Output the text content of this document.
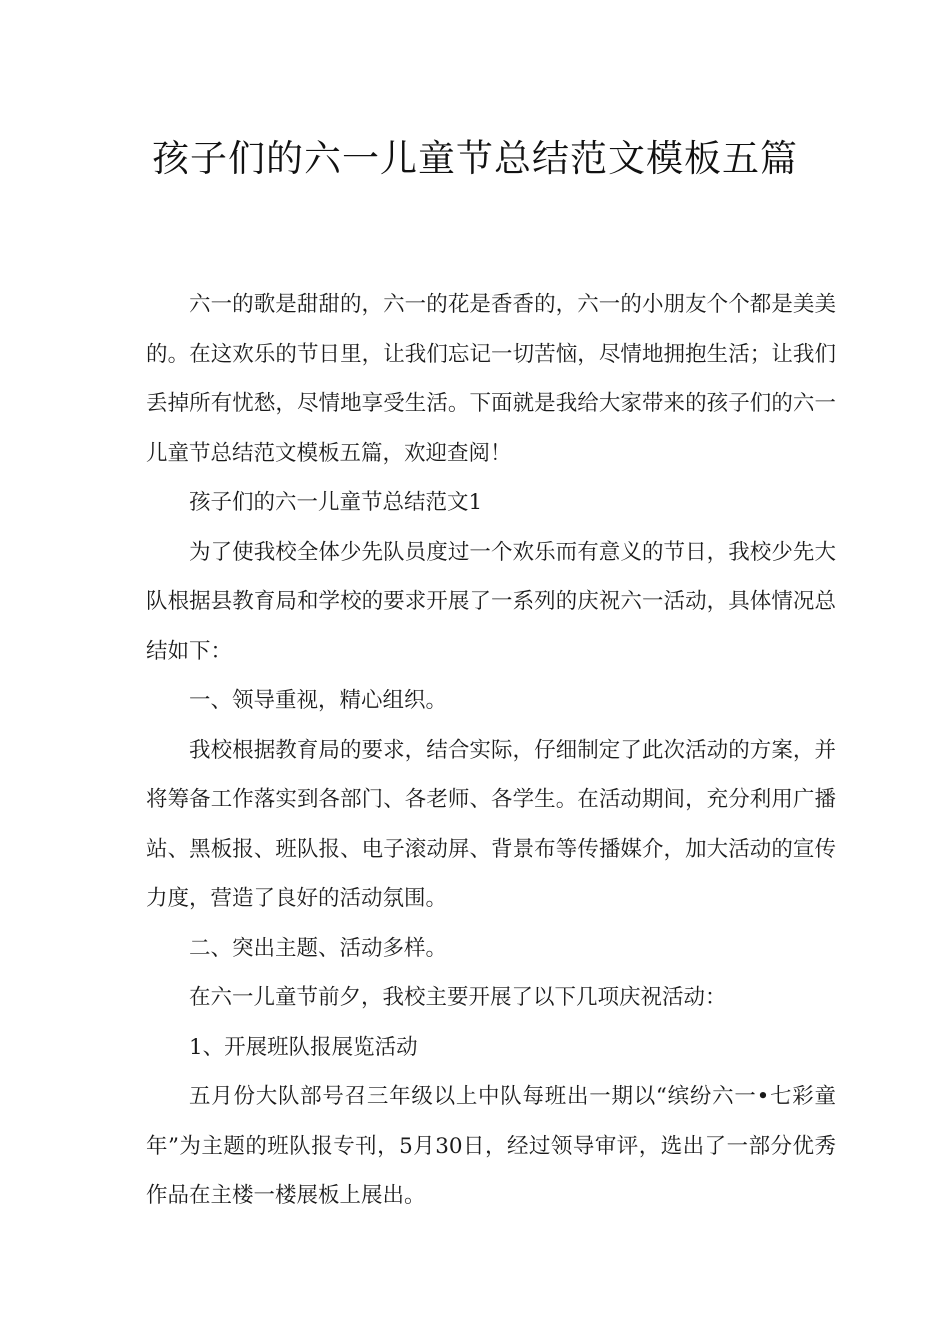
孩子们的六一儿童节总结范文模板五篇

六一的歌是甜甜的，六一的花是香香的，六一的小朋友个个都是美美的。在这欢乐的节日里，让我们忘记一切苦恼，尽情地拥抱生活；让我们丢掉所有忧愁，尽情地享受生活。下面就是我给大家带来的孩子们的六一儿童节总结范文模板五篇，欢迎查阅！

孩子们的六一儿童节总结范文1

为了使我校全体少先队员度过一个欢乐而有意义的节日，我校少先大队根据县教育局和学校的要求开展了一系列的庆祝六一活动，具体情况总结如下：

一、领导重视，精心组织。

我校根据教育局的要求，结合实际，仔细制定了此次活动的方案，并将筹备工作落实到各部门、各老师、各学生。在活动期间，充分利用广播站、黑板报、班队报、电子滚动屏、背景布等传播媒介，加大活动的宣传力度，营造了良好的活动氛围。

二、突出主题、活动多样。

在六一儿童节前夕，我校主要开展了以下几项庆祝活动：

1、开展班队报展览活动

五月份大队部号召三年级以上中队每班出一期以“缤纷六一•七彩童年”为主题的班队报专刊，5月30日，经过领导审评，选出了一部分优秀作品在主楼一楼展板上展出。
